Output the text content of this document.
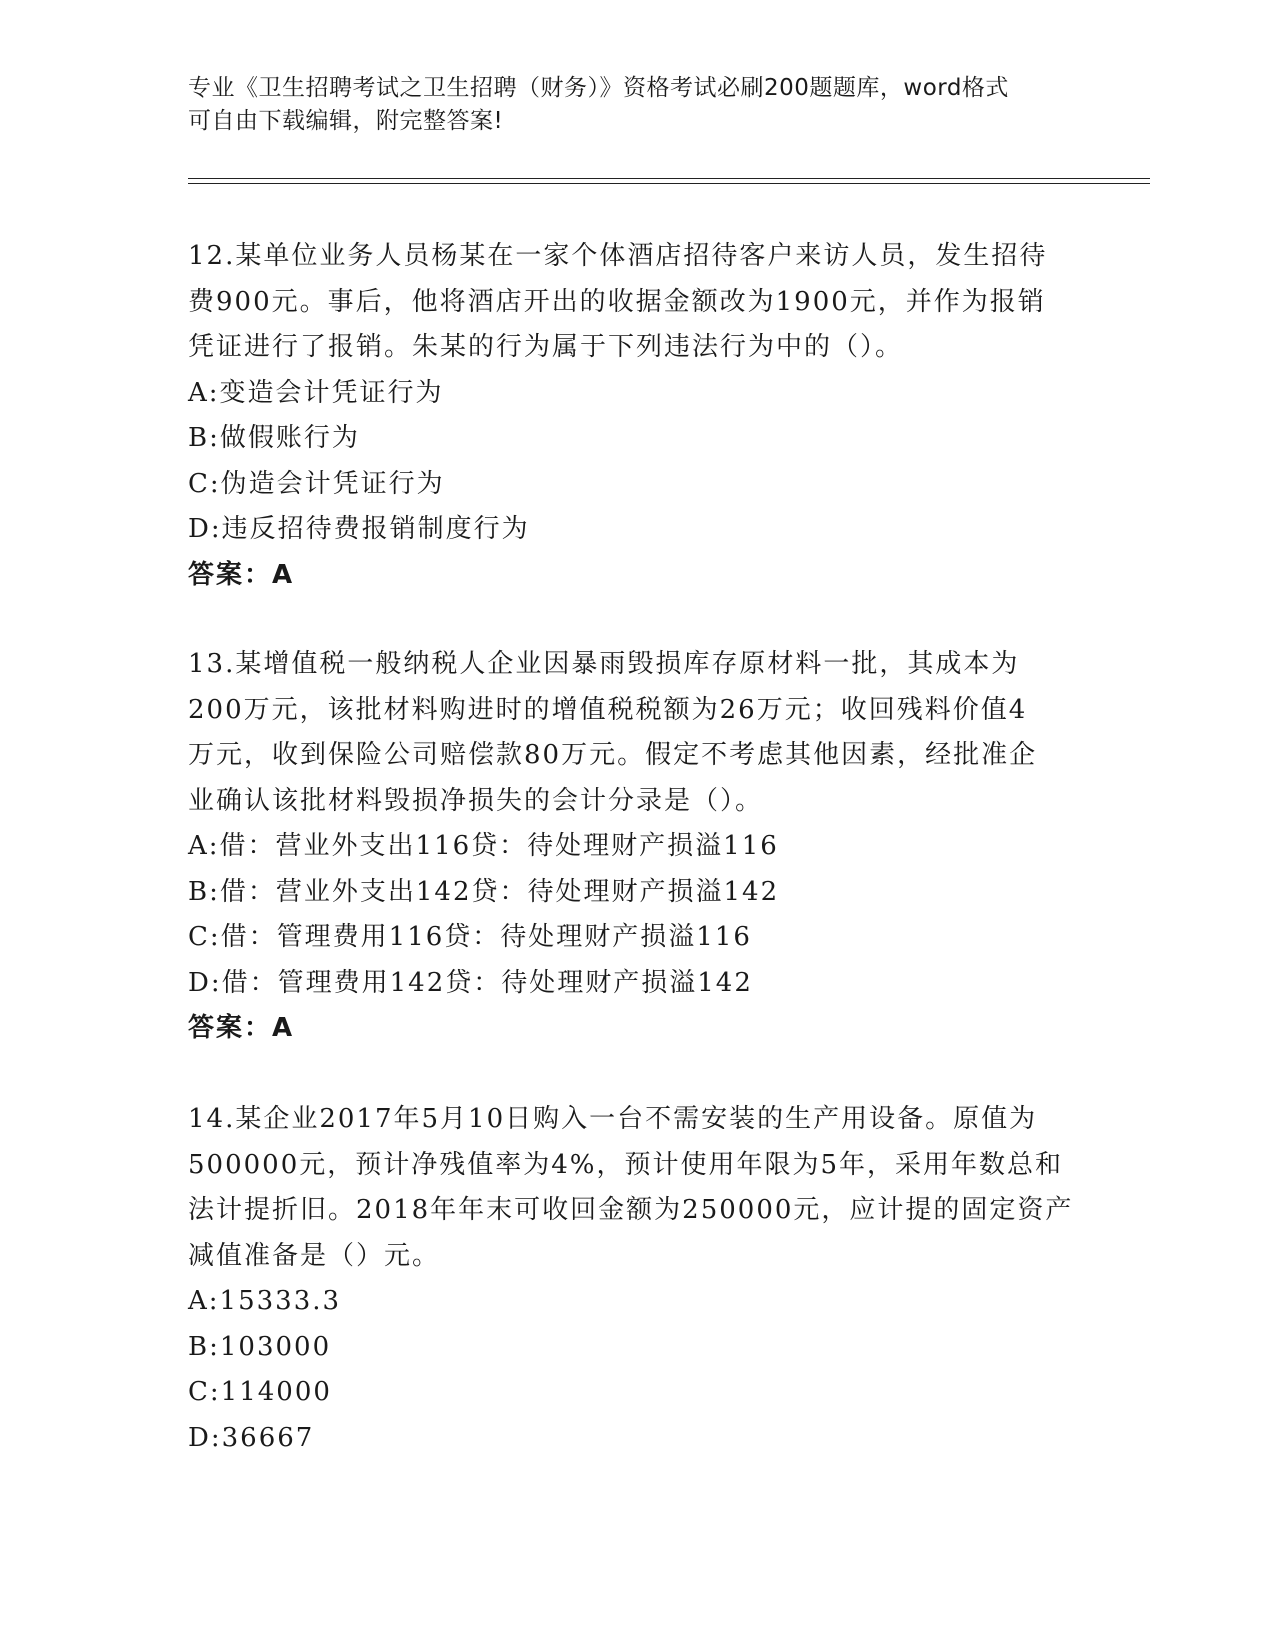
专业《卫生招聘考试之卫生招聘（财务）》资格考试必刷200题题库，word格式
可自由下载编辑，附完整答案!

12.某单位业务人员杨某在一家个体酒店招待客户来访人员，发生招待

费900元。事后，他将酒店开出的收据金额改为1900元，并作为报销

凭证进行了报销。朱某的行为属于下列违法行为中的（）。

A:变造会计凭证行为

B:做假账行为

C:伪造会计凭证行为

D:违反招待费报销制度行为

答案：A

13.某增值税一般纳税人企业因暴雨毁损库存原材料一批，其成本为

200万元，该批材料购进时的增值税税额为26万元；收回残料价值4

万元，收到保险公司赔偿款80万元。假定不考虑其他因素，经批准企

业确认该批材料毁损净损失的会计分录是（）。

A:借：营业外支出116贷：待处理财产损溢116

B:借：营业外支出142贷：待处理财产损溢142

C:借：管理费用116贷：待处理财产损溢116

D:借：管理费用142贷：待处理财产损溢142

答案：A

14.某企业2017年5月10日购入一台不需安装的生产用设备。原值为

500000元，预计净残值率为4%，预计使用年限为5年，采用年数总和

法计提折旧。2018年年末可收回金额为250000元，应计提的固定资产

减值准备是（）元。

A:15333.3

B:103000

C:114000

D:36667
